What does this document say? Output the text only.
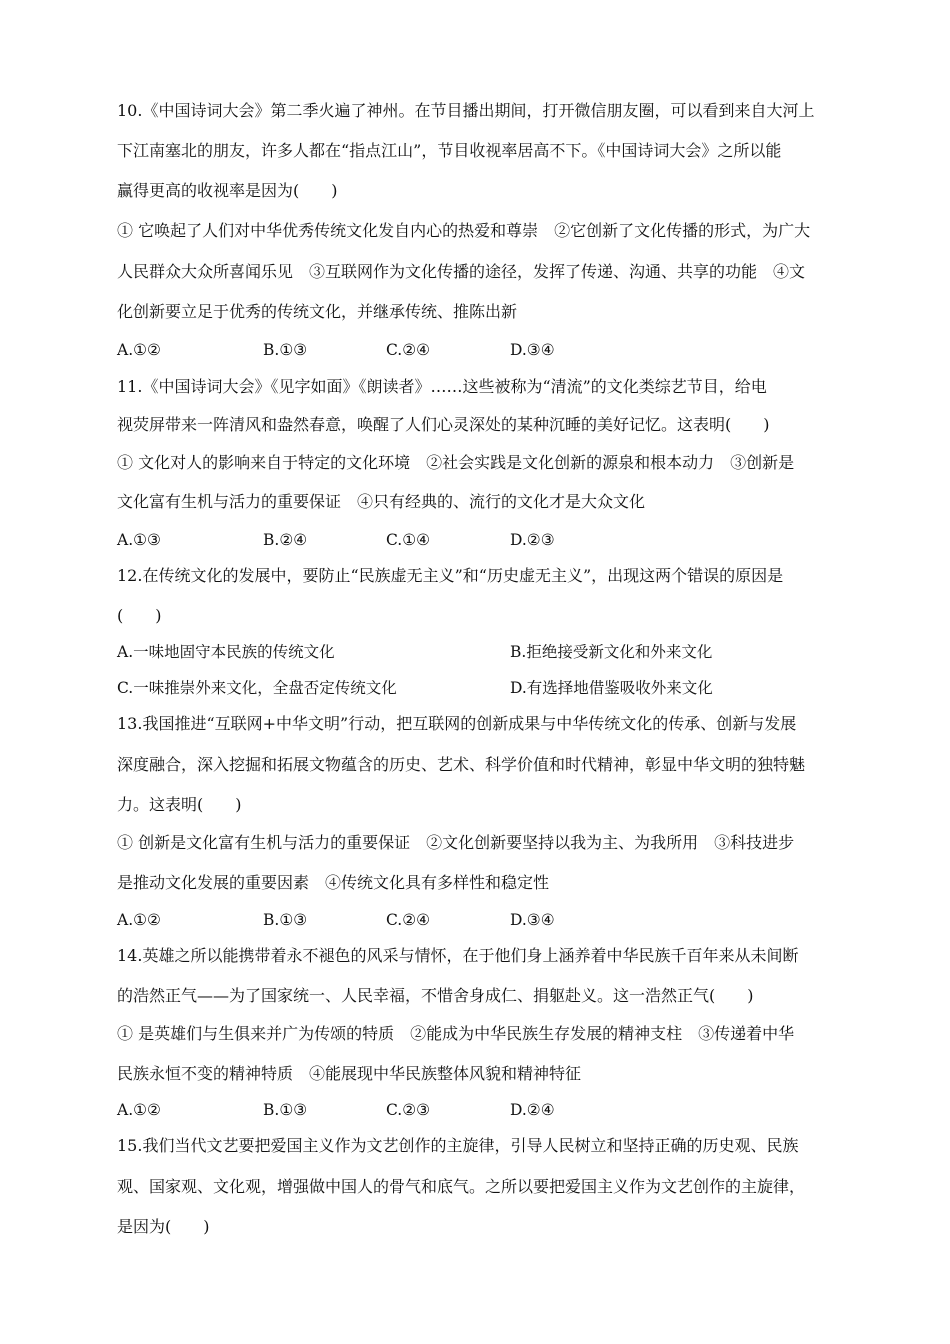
10.《中国诗词大会》第二季火遍了神州。在节目播出期间，打开微信朋友圈，可以看到来自大河上
下江南塞北的朋友，许多人都在“指点江山”，节目收视率居高不下。《中国诗词大会》之所以能
赢得更高的收视率是因为(　　)
① 它唤起了人们对中华优秀传统文化发自内心的热爱和尊崇　②它创新了文化传播的形式，为广大
人民群众大众所喜闻乐见　③互联网作为文化传播的途径，发挥了传递、沟通、共享的功能　④文
化创新要立足于优秀的传统文化，并继承传统、推陈出新
A.①②	B.①③	C.②④	D.③④
11.《中国诗词大会》《见字如面》《朗读者》……这些被称为“清流”的文化类综艺节目，给电
视荧屏带来一阵清风和盎然春意，唤醒了人们心灵深处的某种沉睡的美好记忆。这表明(　　)
① 文化对人的影响来自于特定的文化环境　②社会实践是文化创新的源泉和根本动力　③创新是
文化富有生机与活力的重要保证　④只有经典的、流行的文化才是大众文化
A.①③	B.②④	C.①④	D.②③
12.在传统文化的发展中，要防止“民族虚无主义”和“历史虚无主义”，出现这两个错误的原因是
(　　)
A.一味地固守本民族的传统文化	B.拒绝接受新文化和外来文化
C.一味推崇外来文化，全盘否定传统文化	D.有选择地借鉴吸收外来文化
13.我国推进“互联网+中华文明”行动，把互联网的创新成果与中华传统文化的传承、创新与发展
深度融合，深入挖掘和拓展文物蕴含的历史、艺术、科学价值和时代精神，彰显中华文明的独特魅
力。这表明(　　)
① 创新是文化富有生机与活力的重要保证　②文化创新要坚持以我为主、为我所用　③科技进步
是推动文化发展的重要因素　④传统文化具有多样性和稳定性
A.①②	B.①③	C.②④	D.③④
14.英雄之所以能携带着永不褪色的风采与情怀，在于他们身上涵养着中华民族千百年来从未间断
的浩然正气——为了国家统一、人民幸福，不惜舍身成仁、捐躯赴义。这一浩然正气(　　)
① 是英雄们与生俱来并广为传颂的特质　②能成为中华民族生存发展的精神支柱　③传递着中华
民族永恒不变的精神特质　④能展现中华民族整体风貌和精神特征
A.①②	B.①③	C.②③	D.②④
15.我们当代文艺要把爱国主义作为文艺创作的主旋律，引导人民树立和坚持正确的历史观、民族
观、国家观、文化观，增强做中国人的骨气和底气。之所以要把爱国主义作为文艺创作的主旋律，
是因为(　　)
